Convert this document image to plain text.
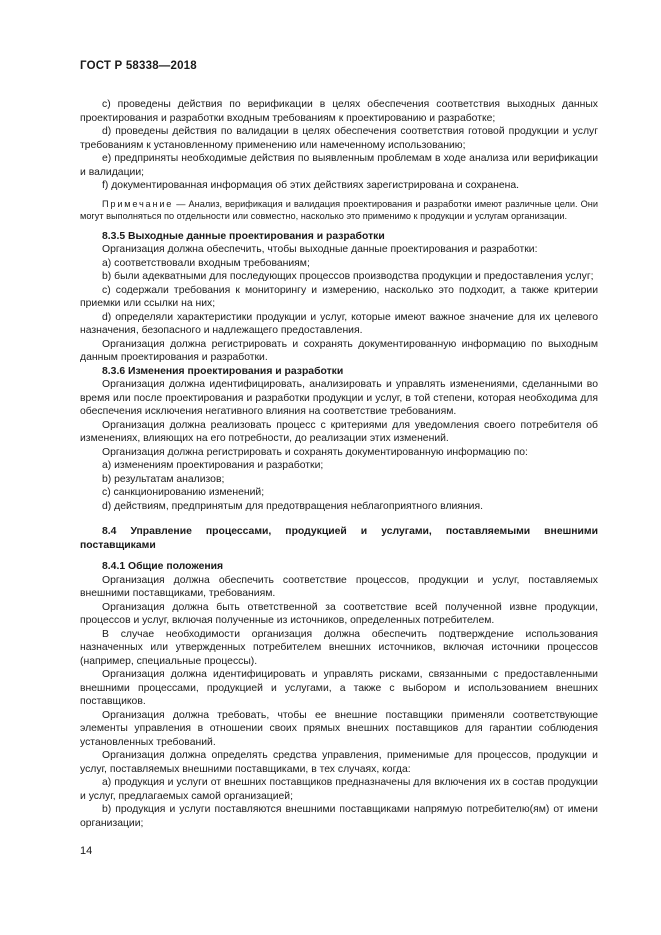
ГОСТ Р 58338—2018

c) проведены действия по верификации в целях обеспечения соответствия выходных данных проектирования и разработки входным требованиям к проектированию и разработке;

d) проведены действия по валидации в целях обеспечения соответствия готовой продукции и услуг требованиям к установленному применению или намеченному использованию;

e) предприняты необходимые действия по выявленным проблемам в ходе анализа или верификации и валидации;

f) документированная информация об этих действиях зарегистрирована и сохранена.

Примечание — Анализ, верификация и валидация проектирования и разработки имеют различные цели. Они могут выполняться по отдельности или совместно, насколько это применимо к продукции и услугам организации.

8.3.5 Выходные данные проектирования и разработки

Организация должна обеспечить, чтобы выходные данные проектирования и разработки:

a) соответствовали входным требованиям;

b) были адекватными для последующих процессов производства продукции и предоставления услуг;

c) содержали требования к мониторингу и измерению, насколько это подходит, а также критерии приемки или ссылки на них;

d) определяли характеристики продукции и услуг, которые имеют важное значение для их целевого назначения, безопасного и надлежащего предоставления.

Организация должна регистрировать и сохранять документированную информацию по выходным данным проектирования и разработки.

8.3.6 Изменения проектирования и разработки

Организация должна идентифицировать, анализировать и управлять изменениями, сделанными во время или после проектирования и разработки продукции и услуг, в той степени, которая необходима для обеспечения исключения негативного влияния на соответствие требованиям.

Организация должна реализовать процесс с критериями для уведомления своего потребителя об изменениях, влияющих на его потребности, до реализации этих изменений.

Организация должна регистрировать и сохранять документированную информацию по:

a) изменениям проектирования и разработки;

b) результатам анализов;

c) санкционированию изменений;

d) действиям, предпринятым для предотвращения неблагоприятного влияния.

8.4 Управление процессами, продукцией и услугами, поставляемыми внешними поставщиками

8.4.1 Общие положения

Организация должна обеспечить соответствие процессов, продукции и услуг, поставляемых внешними поставщиками, требованиям.

Организация должна быть ответственной за соответствие всей полученной извне продукции, процессов и услуг, включая полученные из источников, определенных потребителем.

В случае необходимости организация должна обеспечить подтверждение использования назначенных или утвержденных потребителем внешних источников, включая источники процессов (например, специальные процессы).

Организация должна идентифицировать и управлять рисками, связанными с предоставленными внешними процессами, продукцией и услугами, а также с выбором и использованием внешних поставщиков.

Организация должна требовать, чтобы ее внешние поставщики применяли соответствующие элементы управления в отношении своих прямых внешних поставщиков для гарантии соблюдения установленных требований.

Организация должна определять средства управления, применимые для процессов, продукции и услуг, поставляемых внешними поставщиками, в тех случаях, когда:

a) продукция и услуги от внешних поставщиков предназначены для включения их в состав продукции и услуг, предлагаемых самой организацией;

b) продукция и услуги поставляются внешними поставщиками напрямую потребителю(ям) от имени организации;

14
